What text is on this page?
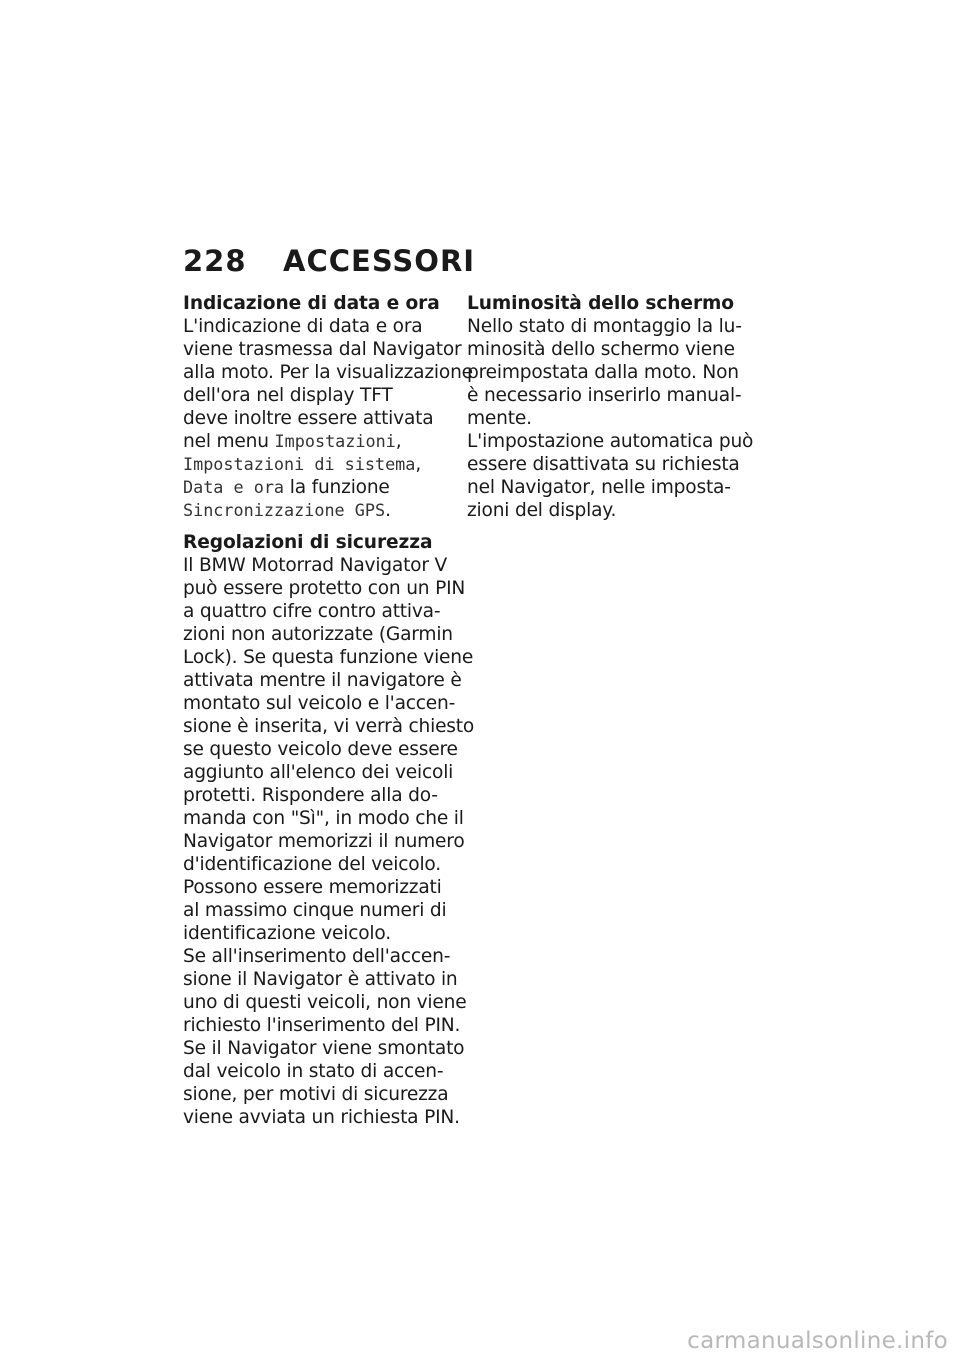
228 ACCESSORI
Indicazione di data e ora
L'indicazione di data e ora
viene trasmessa dal Navigator
alla moto. Per la visualizzazione
dell'ora nel display TFT
deve inoltre essere attivata
nel menu Impostazioni,
Impostazioni di sistema,
Data e ora la funzione
Sincronizzazione GPS.
Regolazioni di sicurezza
Il BMW Motorrad Navigator V
può essere protetto con un PIN
a quattro cifre contro attiva-
zioni non autorizzate (Garmin
Lock). Se questa funzione viene
attivata mentre il navigatore è
montato sul veicolo e l'accen-
sione è inserita, vi verrà chiesto
se questo veicolo deve essere
aggiunto all'elenco dei veicoli
protetti. Rispondere alla do-
manda con "Sì", in modo che il
Navigator memorizzi il numero
d'identificazione del veicolo.
Possono essere memorizzati
al massimo cinque numeri di
identificazione veicolo.
Se all'inserimento dell'accen-
sione il Navigator è attivato in
uno di questi veicoli, non viene
richiesto l'inserimento del PIN.
Se il Navigator viene smontato
dal veicolo in stato di accen-
sione, per motivi di sicurezza
viene avviata un richiesta PIN.
Luminosità dello schermo
Nello stato di montaggio la lu-
minosità dello schermo viene
preimpostata dalla moto. Non
è necessario inserirlo manual-
mente.
L'impostazione automatica può
essere disattivata su richiesta
nel Navigator, nelle imposta-
zioni del display.
carmanualsonline.info
